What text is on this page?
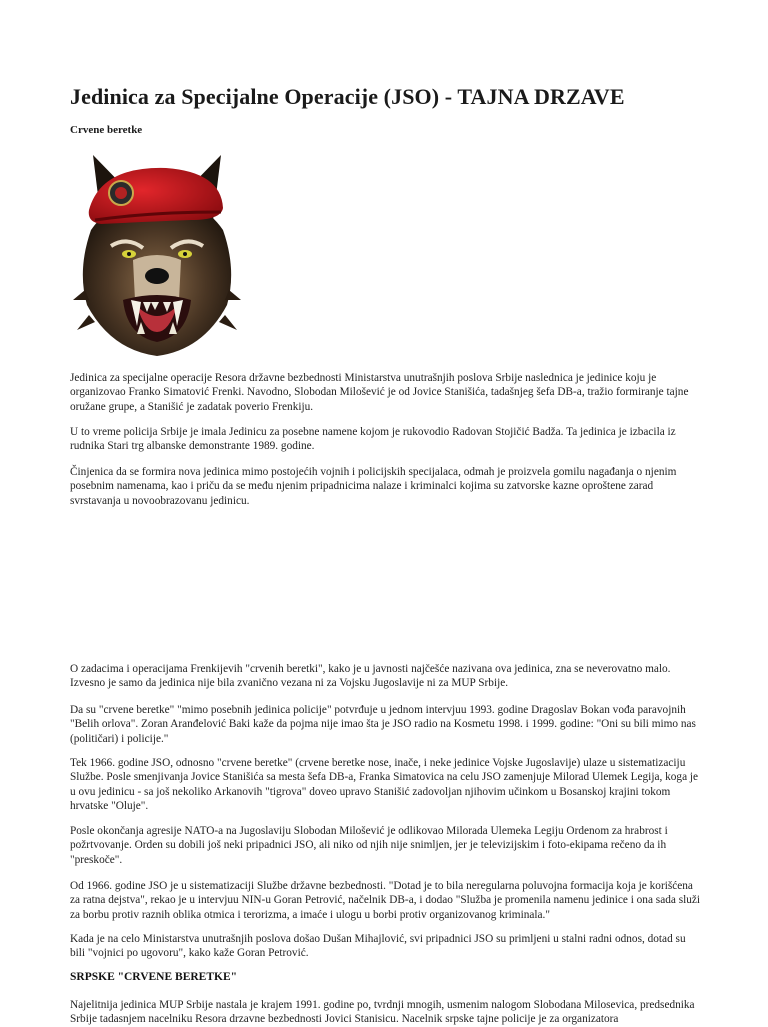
Jedinica za Specijalne Operacije (JSO) - TAJNA DRZAVE

Crvene beretke

Jedinica za specijalne operacije Resora državne bezbednosti Ministarstva unutrašnjih poslova Srbije naslednica je jedinice koju je organizovao Franko Simatović Frenki. Navodno, Slobodan Milošević je od Jovice Stanišića, tadašnjeg šefa DB-a, tražio formiranje tajne oružane grupe, a Stanišić je zadatak poverio Frenkiju.

U to vreme policija Srbije je imala Jedinicu za posebne namene kojom je rukovodio Radovan Stojičić Badža. Ta jedinica je izbacila iz rudnika Stari trg albanske demonstrante 1989. godine.

Činjenica da se formira nova jedinica mimo postojećih vojnih i policijskih specijalaca, odmah je proizvela gomilu nagađanja o njenim posebnim namenama, kao i priču da se među njenim pripadnicima nalaze i kriminalci kojima su zatvorske kazne oproštene zarad svrstavanja u novoobrazovanu jedinicu.

O zadacima i operacijama Frenkijevih "crvenih beretki", kako je u javnosti najčešće nazivana ova jedinica, zna se neverovatno malo. Izvesno je samo da jedinica nije bila zvanično vezana ni za Vojsku Jugoslavije ni za MUP Srbije.

Da su "crvene beretke" "mimo posebnih jedinica policije" potvrđuje u jednom intervjuu 1993. godine Dragoslav Bokan vođa paravojnih "Belih orlova". Zoran Aranđelović Baki kaže da pojma nije imao šta je JSO radio na Kosmetu 1998. i 1999. godine: "Oni su bili mimo nas (političari) i policije."

Tek 1966. godine JSO, odnosno "crvene beretke" (crvene beretke nose, inače, i neke jedinice Vojske Jugoslavije) ulaze u sistematizaciju Službe. Posle smenjivanja Jovice Stanišića sa mesta šefa DB-a, Franka Simatovica na celu JSO zamenjuje Milorad Ulemek Legija, koga je u ovu jedinicu - sa još nekoliko Arkanovih "tigrova" doveo upravo Stanišić zadovoljan njihovim učinkom u Bosanskoj krajini tokom hrvatske "Oluje".

Posle okončanja agresije NATO-a na Jugoslaviju Slobodan Milošević je odlikovao Milorada Ulemeka Legiju Ordenom za hrabrost i požrtvovanje. Orden su dobili još neki pripadnici JSO, ali niko od njih nije snimljen, jer je televizijskim i foto-ekipama rečeno da ih "preskoče".

Od 1966. godine JSO je u sistematizaciji Službe državne bezbednosti. "Dotad je to bila neregularna poluvojna formacija koja je korišćena za ratna dejstva", rekao je u intervjuu NIN-u Goran Petrović, načelnik DB-a, i dodao "Služba je promenila namenu jedinice i ona sada služi za borbu protiv raznih oblika otmica i terorizma, a imaće i ulogu u borbi protiv organizovanog kriminala."

Kada je na celo Ministarstva unutrašnjih poslova došao Dušan Mihajlović, svi pripadnici JSO su primljeni u stalni radni odnos, dotad su bili "vojnici po ugovoru", kako kaže Goran Petrović.

SRPSKE "CRVENE BERETKE"

Najelitnija jedinica MUP Srbije nastala je krajem 1991. godine po, tvrdnji mnogih, usmenim nalogom Slobodana Milosevica, predsednika Srbije tadasnjem nacelniku Resora drzavne bezbednosti Jovici Stanisicu. Nacelnik srpske tajne policije je za organizatora
